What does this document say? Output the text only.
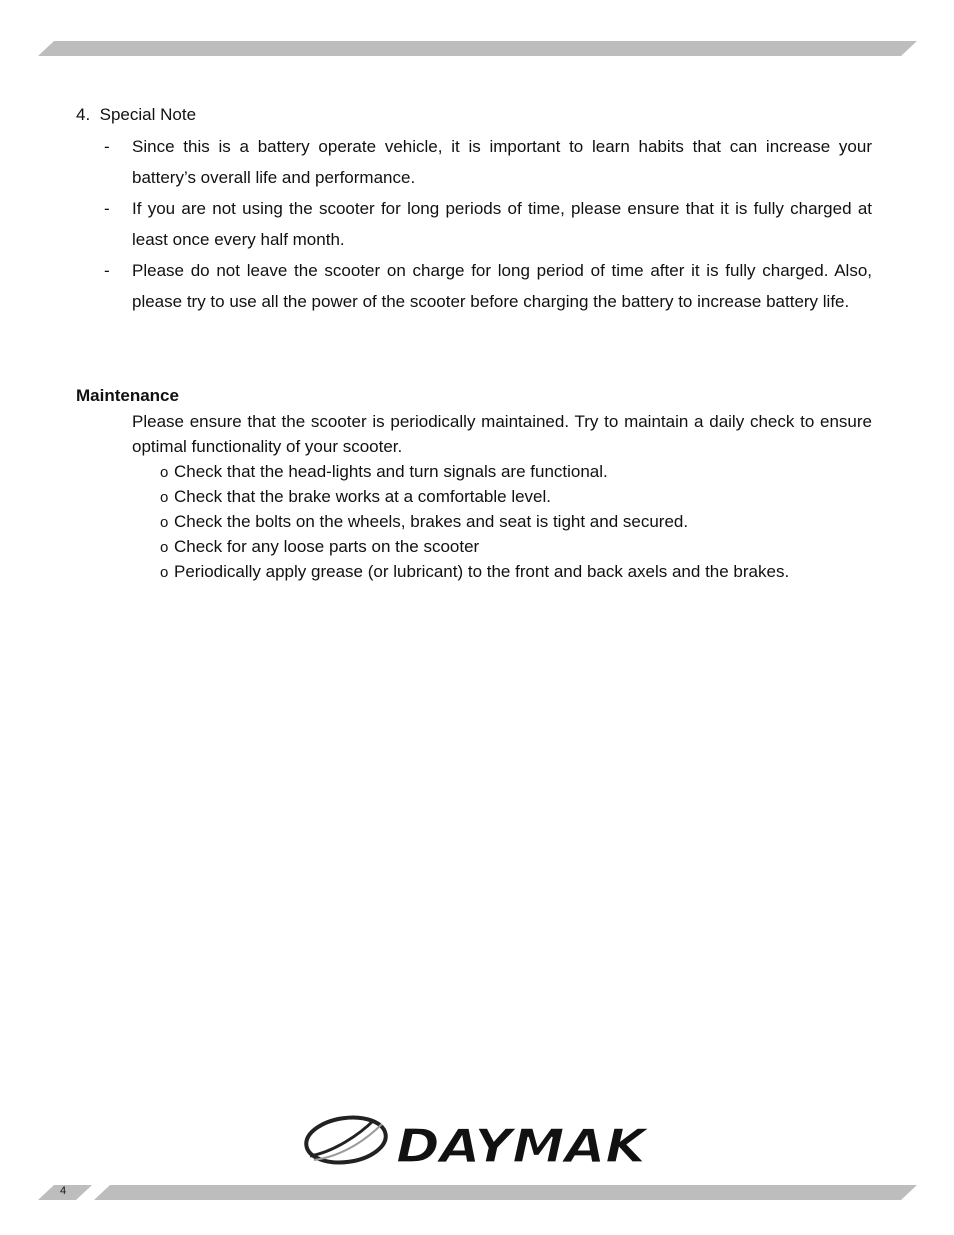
4. Special Note
- Since this is a battery operate vehicle, it is important to learn habits that can increase your battery’s overall life and performance.
- If you are not using the scooter for long periods of time, please ensure that it is fully charged at least once every half month.
- Please do not leave the scooter on charge for long period of time after it is fully charged. Also, please try to use all the power of the scooter before charging the battery to increase battery life.
Maintenance
Please ensure that the scooter is periodically maintained. Try to maintain a daily check to ensure optimal functionality of your scooter.
o Check that the head-lights and turn signals are functional.
o Check that the brake works at a comfortable level.
o Check the bolts on the wheels, brakes and seat is tight and secured.
o Check for any loose parts on the scooter
o Periodically apply grease (or lubricant) to the front and back axels and the brakes.
DAYMAK
4
